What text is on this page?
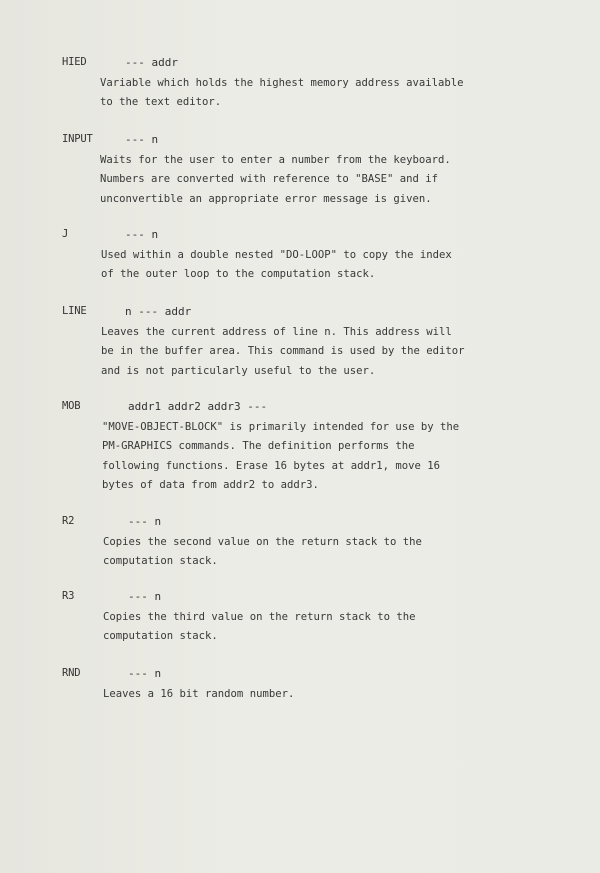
HIED	--- addr
Variable which holds the highest memory address available
to the text editor.
INPUT	--- n
Waits for the user to enter a number from the keyboard.
Numbers are converted with reference to "BASE" and if
unconvertible an appropriate error message is given.
J	--- n
Used within a double nested "DO-LOOP" to copy the index
of the outer loop to the computation stack.
LINE	n --- addr
Leaves the current address of line n. This address will
be in the buffer area. This command is used by the editor
and is not particularly useful to the user.
MOB	addr1 addr2 addr3 ---
"MOVE-OBJECT-BLOCK" is primarily intended for use by the
PM-GRAPHICS commands. The definition performs the
following functions. Erase 16 bytes at addr1, move 16
bytes of data from addr2 to addr3.
R2	--- n
Copies the second value on the return stack to the
computation stack.
R3	--- n
Copies the third value on the return stack to the
computation stack.
RND	--- n
Leaves a 16 bit random number.
